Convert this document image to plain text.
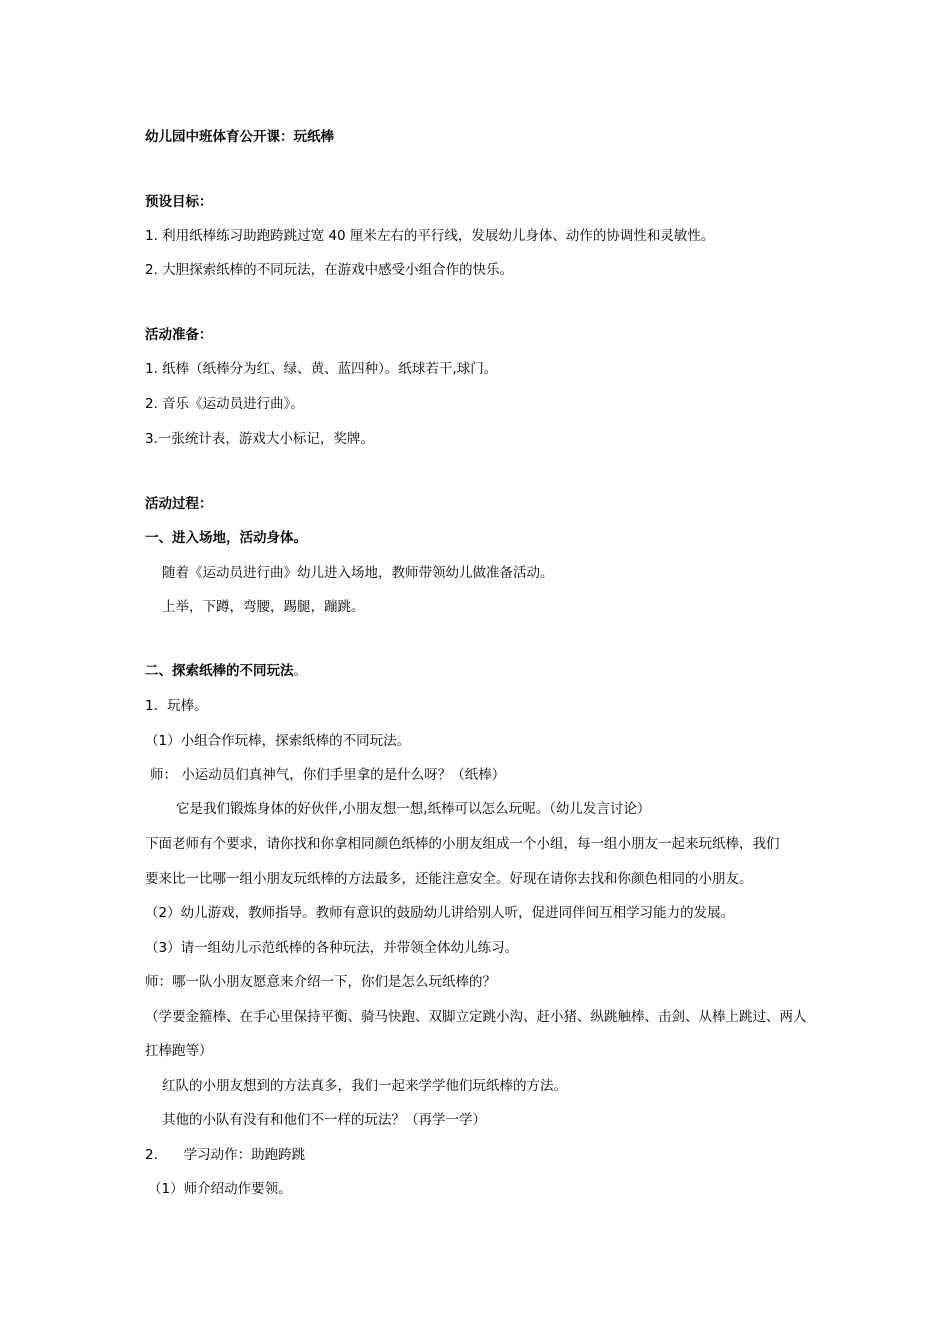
幼儿园中班体育公开课：玩纸棒
预设目标：
1. 利用纸棒练习助跑跨跳过宽 40 厘米左右的平行线，发展幼儿身体、动作的协调性和灵敏性。
2. 大胆探索纸棒的不同玩法，在游戏中感受小组合作的快乐。
活动准备：
1. 纸棒（纸棒分为红、绿、黄、蓝四种）。纸球若干,球门。
2. 音乐《运动员进行曲》。
3.一张统计表，游戏大小标记，奖牌。
活动过程：
一、进入场地，活动身体。
随着《运动员进行曲》幼儿进入场地，教师带领幼儿做准备活动。
上举，下蹲，弯腰，踢腿，蹦跳。
二、探索纸棒的不同玩法。
1．玩棒。
（1）小组合作玩棒，探索纸棒的不同玩法。
师： 小运动员们真神气，你们手里拿的是什么呀？（纸棒）
它是我们锻炼身体的好伙伴,小朋友想一想,纸棒可以怎么玩呢。（幼儿发言讨论）
下面老师有个要求，请你找和你拿相同颜色纸棒的小朋友组成一个小组，每一组小朋友一起来玩纸棒，我们
要来比一比哪一组小朋友玩纸棒的方法最多，还能注意安全。好现在请你去找和你颜色相同的小朋友。
（2）幼儿游戏，教师指导。教师有意识的鼓励幼儿讲给别人听，促进同伴间互相学习能力的发展。
（3）请一组幼儿示范纸棒的各种玩法，并带领全体幼儿练习。
师：哪一队小朋友愿意来介绍一下，你们是怎么玩纸棒的？
（学要金箍棒、在手心里保持平衡、骑马快跑、双脚立定跳小沟、赶小猪、纵跳触棒、击剑、从棒上跳过、两人
扛棒跑等）
红队的小朋友想到的方法真多，我们一起来学学他们玩纸棒的方法。
其他的小队有没有和他们不一样的玩法？（再学一学）
2.      学习动作：助跑跨跳
（1）师介绍动作要领。
